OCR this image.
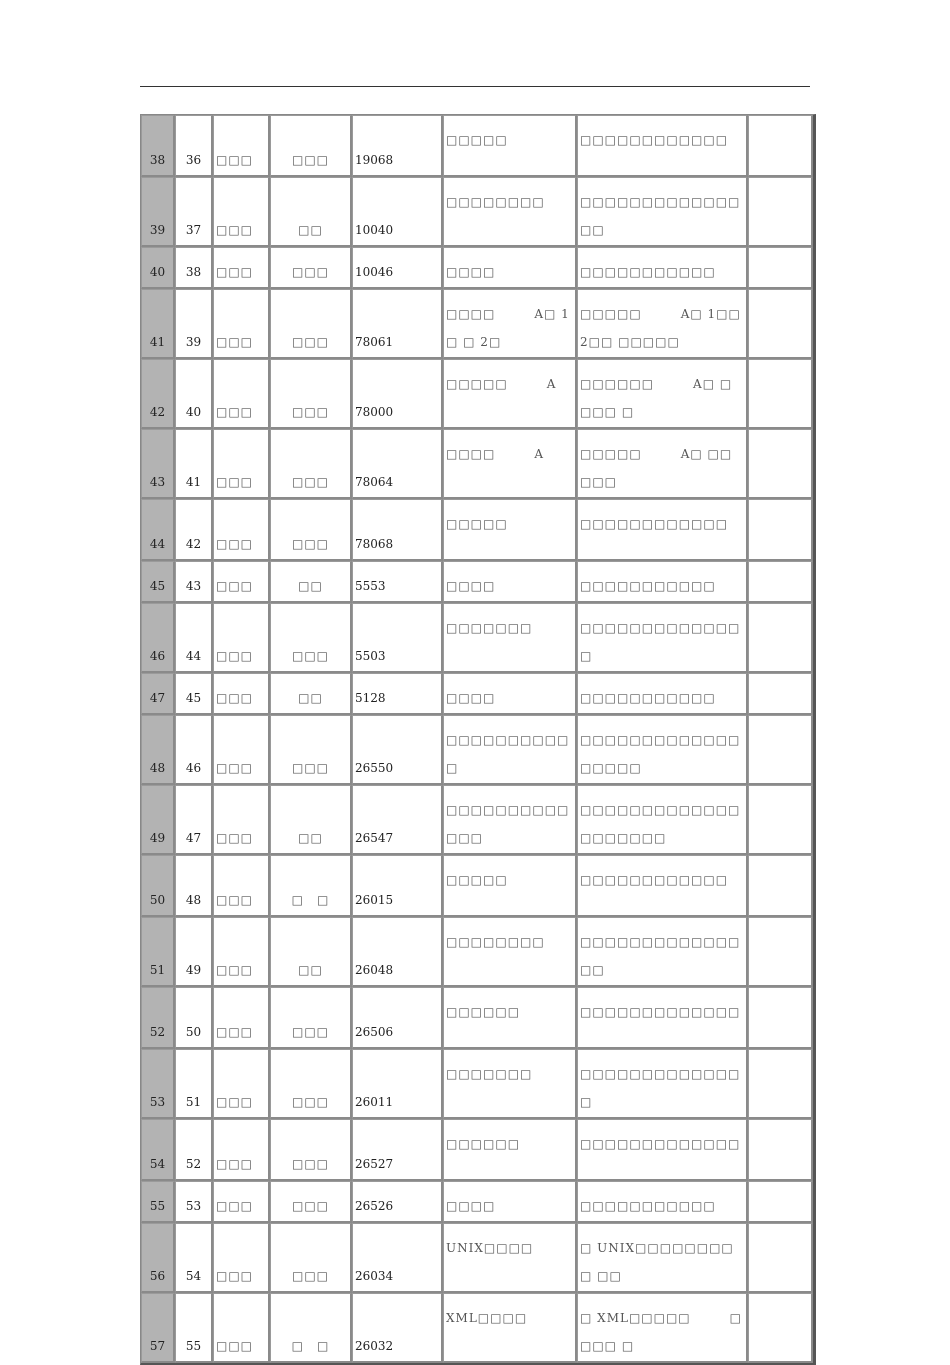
38	36	□□□	□□□	19068	□□□□□	□□□□□□□□□□□□	
39	37	□□□	□□	10040	□□□□□□□□	□□□□□□□□□□□□□□□	
40	38	□□□	□□□	10046	□□□□	□□□□□□□□□□□	
41	39	□□□	□□□	78061	□□□□　　　A□ 1□ □ 2□	□□□□□　　　A□ 1□□　2□□ □□□□□	
42	40	□□□	□□□	78000	□□□□□　　　A	□□□□□□　　　A□ □□□□ □	
43	41	□□□	□□□	78064	□□□□　　　A	□□□□□　　　A□ □□□□□	
44	42	□□□	□□□	78068	□□□□□	□□□□□□□□□□□□	
45	43	□□□	□□	5553	□□□□	□□□□□□□□□□□	
46	44	□□□	□□□	5503	□□□□□□□	□□□□□□□□□□□□□□	
47	45	□□□	□□	5128	□□□□	□□□□□□□□□□□	
48	46	□□□	□□□	26550	□□□□□□□□□□□	□□□□□□□□□□□□□□□□□□	
49	47	□□□	□□	26547	□□□□□□□□□□□□□	□□□□□□□□□□□□□□□□□□□□	
50	48	□□□	□　□	26015	□□□□□	□□□□□□□□□□□□	
51	49	□□□	□□	26048	□□□□□□□□	□□□□□□□□□□□□□□□	
52	50	□□□	□□□	26506	□□□□□□	□□□□□□□□□□□□□	
53	51	□□□	□□□	26011	□□□□□□□	□□□□□□□□□□□□□□	
54	52	□□□	□□□	26527	□□□□□□	□□□□□□□□□□□□□	
55	53	□□□	□□□	26526	□□□□	□□□□□□□□□□□	
56	54	□□□	□□□	26034	UNIX□□□□	□ UNIX□□□□□□□□□ □□	
57	55	□□□	□　□	26032	XML□□□□	□ XML□□□□□　　　□□□□ □	
